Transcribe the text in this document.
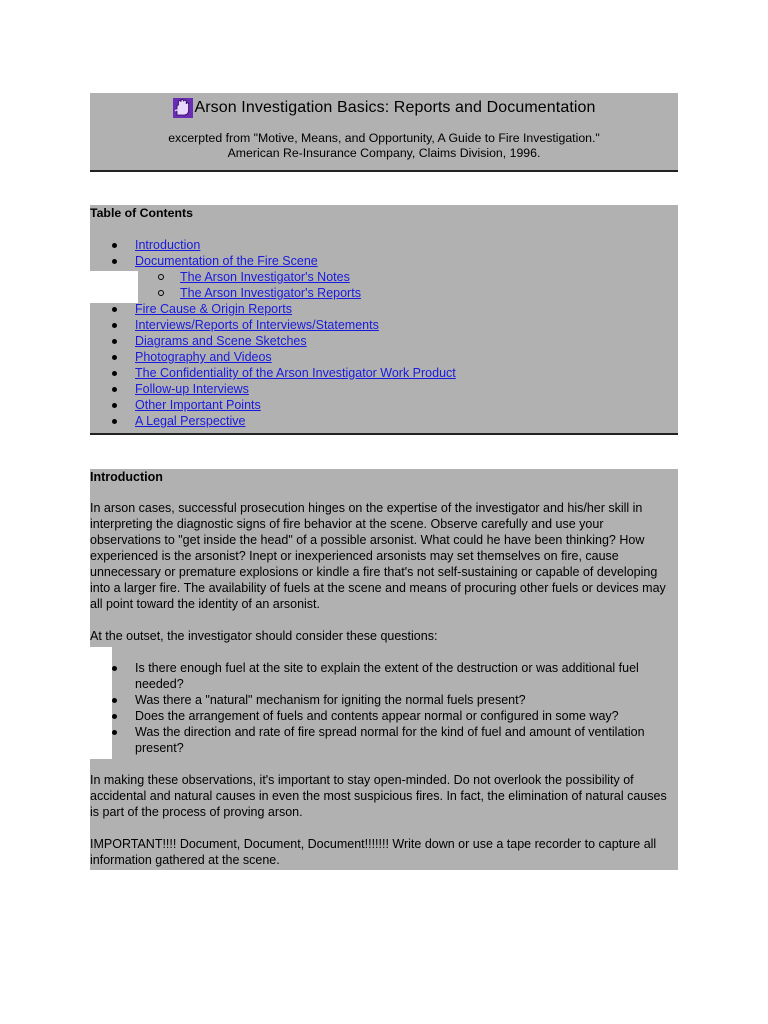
Arson Investigation Basics: Reports and Documentation
excerpted from "Motive, Means, and Opportunity, A Guide to Fire Investigation."
American Re-Insurance Company, Claims Division, 1996.
Table of Contents
Introduction
Documentation of the Fire Scene
The Arson Investigator's Notes
The Arson Investigator's Reports
Fire Cause & Origin Reports
Interviews/Reports of Interviews/Statements
Diagrams and Scene Sketches
Photography and Videos
The Confidentiality of the Arson Investigator Work Product
Follow-up Interviews
Other Important Points
A Legal Perspective
Introduction
In arson cases, successful prosecution hinges on the expertise of the investigator and his/her skill in interpreting the diagnostic signs of fire behavior at the scene. Observe carefully and use your observations to "get inside the head" of a possible arsonist. What could he have been thinking? How experienced is the arsonist? Inept or inexperienced arsonists may set themselves on fire, cause unnecessary or premature explosions or kindle a fire that's not self-sustaining or capable of developing into a larger fire. The availability of fuels at the scene and means of procuring other fuels or devices may all point toward the identity of an arsonist.
At the outset, the investigator should consider these questions:
Is there enough fuel at the site to explain the extent of the destruction or was additional fuel needed?
Was there a "natural" mechanism for igniting the normal fuels present?
Does the arrangement of fuels and contents appear normal or configured in some way?
Was the direction and rate of fire spread normal for the kind of fuel and amount of ventilation present?
In making these observations, it's important to stay open-minded. Do not overlook the possibility of accidental and natural causes in even the most suspicious fires. In fact, the elimination of natural causes is part of the process of proving arson.
IMPORTANT!!!! Document, Document, Document!!!!!!! Write down or use a tape recorder to capture all information gathered at the scene.
